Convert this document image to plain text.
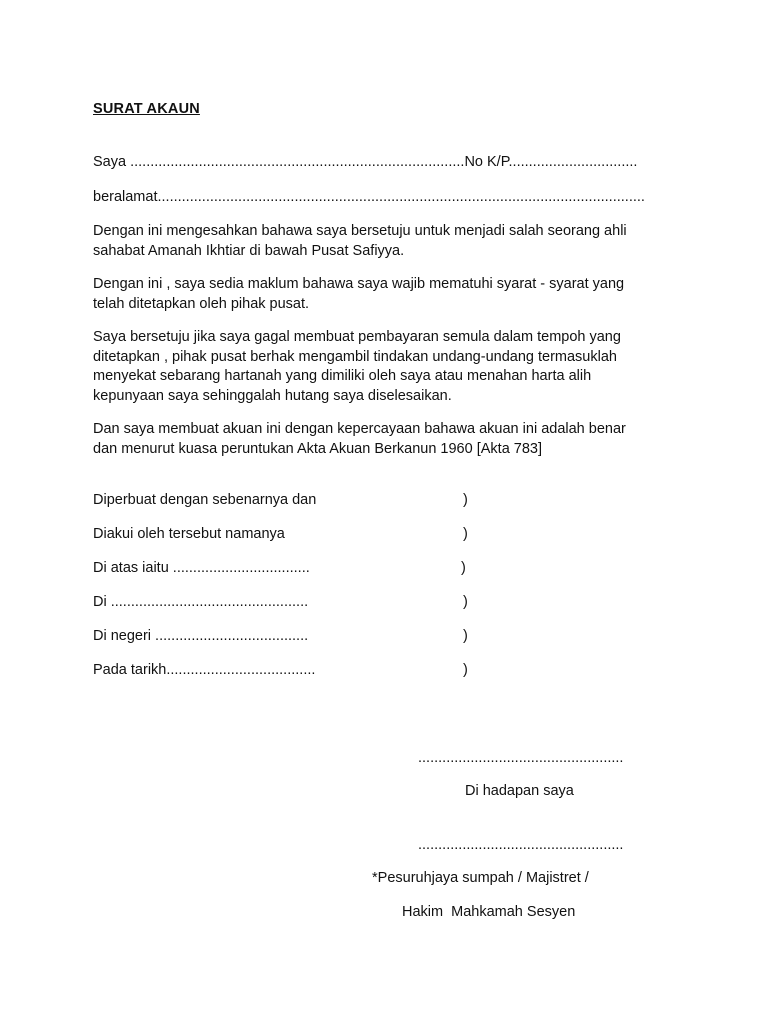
SURAT AKAUN
Saya ...................................................................................No K/P................................
beralamat.........................................................................................................................

Dengan ini mengesahkan bahawa saya bersetuju untuk menjadi salah seorang ahli

sahabat Amanah Ikhtiar di bawah Pusat Safiyya.

Dengan ini , saya sedia maklum bahawa saya wajib mematuhi syarat - syarat yang

telah ditetapkan oleh pihak pusat.

Saya bersetuju jika saya gagal membuat pembayaran semula dalam tempoh yang

ditetapkan , pihak pusat berhak mengambil tindakan undang-undang termasuklah

menyekat sebarang hartanah yang dimiliki oleh saya atau menahan harta alih

kepunyaan saya sehinggalah hutang saya diselesaikan.

Dan saya membuat akuan ini dengan kepercayaan bahawa akuan ini adalah benar

dan menurut kuasa peruntukan Akta Akuan Berkanun 1960 [Akta 783]

Diperbuat dengan sebenarnya dan	)
Diakui oleh tersebut namanya	)
Di atas iaitu ..................................	)
Di .................................................	)
Di negeri ......................................	)
Pada tarikh.....................................	)
...................................................
Di hadapan saya
...................................................
*Pesuruhjaya sumpah / Majistret /
Hakim  Mahkamah Sesyen
